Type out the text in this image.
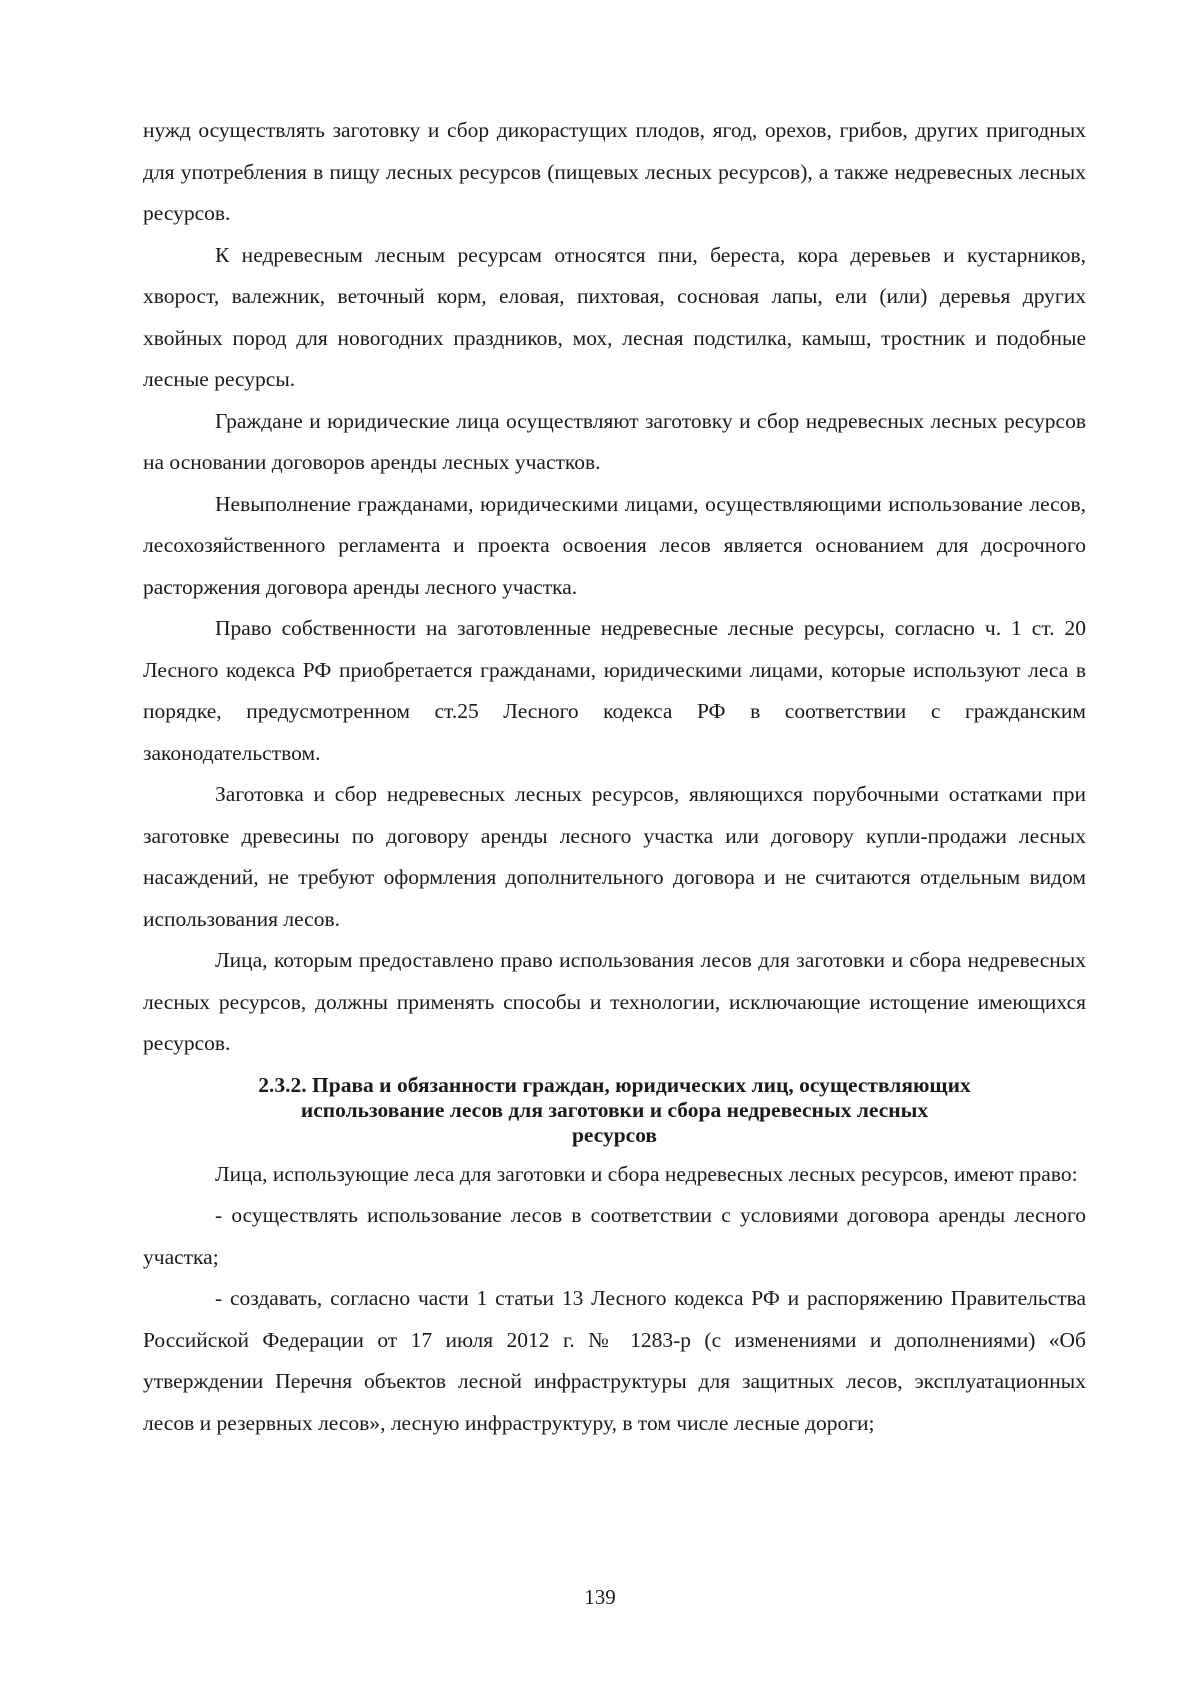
нужд осуществлять заготовку и сбор дикорастущих плодов, ягод, орехов, грибов, других пригодных для употребления в пищу лесных ресурсов (пищевых лесных ресурсов), а также недревесных лесных ресурсов.

К недревесным лесным ресурсам относятся пни, береста, кора деревьев и кустарников, хворост, валежник, веточный корм, еловая, пихтовая, сосновая лапы, ели (или) деревья других хвойных пород для новогодних праздников, мох, лесная подстилка, камыш, тростник и подобные лесные ресурсы.

Граждане и юридические лица осуществляют заготовку и сбор недревесных лесных ресурсов на основании договоров аренды лесных участков.

Невыполнение гражданами, юридическими лицами, осуществляющими использование лесов, лесохозяйственного регламента и проекта освоения лесов является основанием для досрочного расторжения договора аренды лесного участка.

Право собственности на заготовленные недревесные лесные ресурсы, согласно ч. 1 ст. 20 Лесного кодекса РФ приобретается гражданами, юридическими лицами, которые используют леса в порядке, предусмотренном ст.25 Лесного кодекса РФ в соответствии с гражданским законодательством.

Заготовка и сбор недревесных лесных ресурсов, являющихся порубочными остатками при заготовке древесины по договору аренды лесного участка или договору купли-продажи лесных насаждений, не требуют оформления дополнительного договора и не считаются отдельным видом использования лесов.

Лица, которым предоставлено право использования лесов для заготовки и сбора недревесных лесных ресурсов, должны применять способы и технологии, исключающие истощение имеющихся ресурсов.

2.3.2. Права и обязанности граждан, юридических лиц, осуществляющих
использование лесов для заготовки и сбора недревесных лесных
ресурсов

Лица, использующие леса для заготовки и сбора недревесных лесных ресурсов, имеют право:

- осуществлять использование лесов в соответствии с условиями договора аренды лесного участка;

- создавать, согласно части 1 статьи 13 Лесного кодекса РФ и распоряжению Правительства Российской Федерации от 17 июля 2012 г. № 1283-р (с изменениями и дополнениями) «Об утверждении Перечня объектов лесной инфраструктуры для защитных лесов, эксплуатационных лесов и резервных лесов», лесную инфраструктуру, в том числе лесные дороги;

139
